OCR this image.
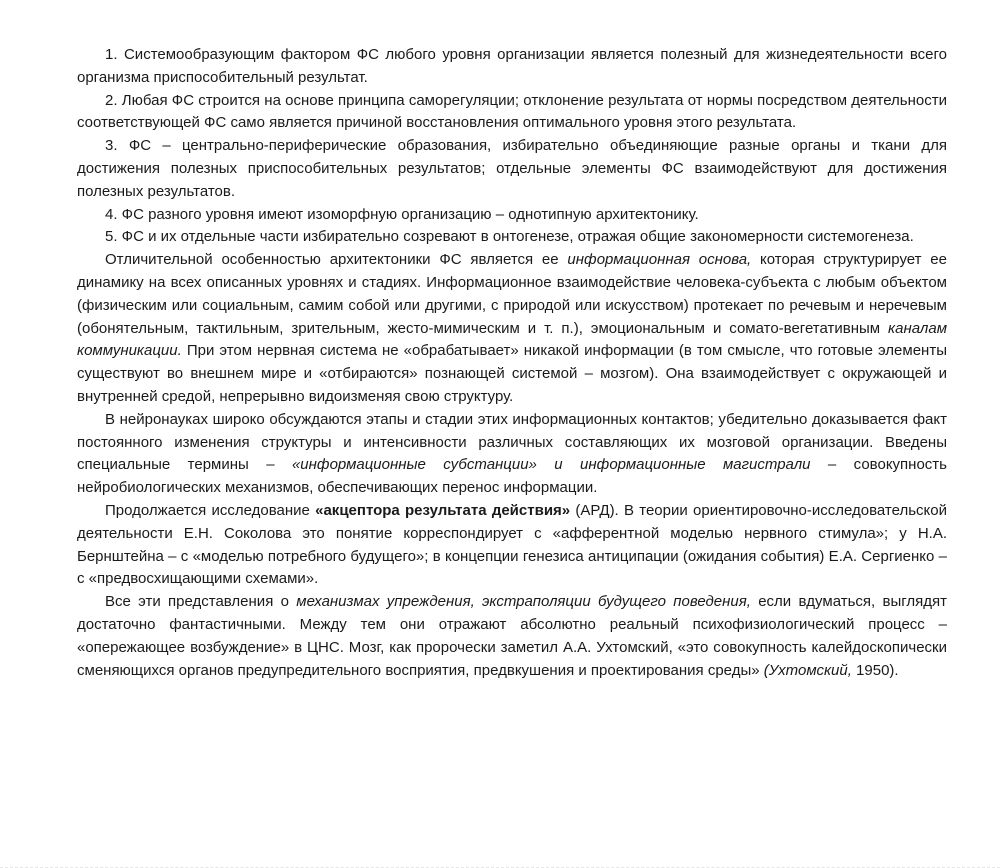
1. Системообразующим фактором ФС любого уровня организации является полезный для жизнедеятельности всего организма приспособительный результат.

2. Любая ФС строится на основе принципа саморегуляции; отклонение результата от нормы посредством деятельности соответствующей ФС само является причиной восстановления оптимального уровня этого результата.

3. ФС – центрально-периферические образования, избирательно объединяющие разные органы и ткани для достижения полезных приспособительных результатов; отдельные элементы ФС взаимодействуют для достижения полезных результатов.

4. ФС разного уровня имеют изоморфную организацию – однотипную архитектонику.

5. ФС и их отдельные части избирательно созревают в онтогенезе, отражая общие закономерности системогенеза.

Отличительной особенностью архитектоники ФС является ее информационная основа, которая структурирует ее динамику на всех описанных уровнях и стадиях. Информационное взаимодействие человека-субъекта с любым объектом (физическим или социальным, самим собой или другими, с природой или искусством) протекает по речевым и неречевым (обонятельным, тактильным, зрительным, жесто-мимическим и т. п.), эмоциональным и сомато-вегетативным каналам коммуникации. При этом нервная система не «обрабатывает» никакой информации (в том смысле, что готовые элементы существуют во внешнем мире и «отбираются» познающей системой – мозгом). Она взаимодействует с окружающей и внутренней средой, непрерывно видоизменяя свою структуру.

В нейронауках широко обсуждаются этапы и стадии этих информационных контактов; убедительно доказывается факт постоянного изменения структуры и интенсивности различных составляющих их мозговой организации. Введены специальные термины – «информационные субстанции» и информационные магистрали – совокупность нейробиологических механизмов, обеспечивающих перенос информации.

Продолжается исследование «акцептора результата действия» (АРД). В теории ориентировочно-исследовательской деятельности Е.Н. Соколова это понятие корреспондирует с «афферентной моделью нервного стимула»; у Н.А. Бернштейна – с «моделью потребного будущего»; в концепции генезиса антиципации (ожидания события) Е.А. Сергиенко – с «предвосхищающими схемами».

Все эти представления о механизмах упреждения, экстраполяции будущего поведения, если вдуматься, выглядят достаточно фантастичными. Между тем они отражают абсолютно реальный психофизиологический процесс – «опережающее возбуждение» в ЦНС. Мозг, как пророчески заметил А.А. Ухтомский, «это совокупность калейдоскопически сменяющихся органов предупредительного восприятия, предвкушения и проектирования среды» (Ухтомский, 1950).
